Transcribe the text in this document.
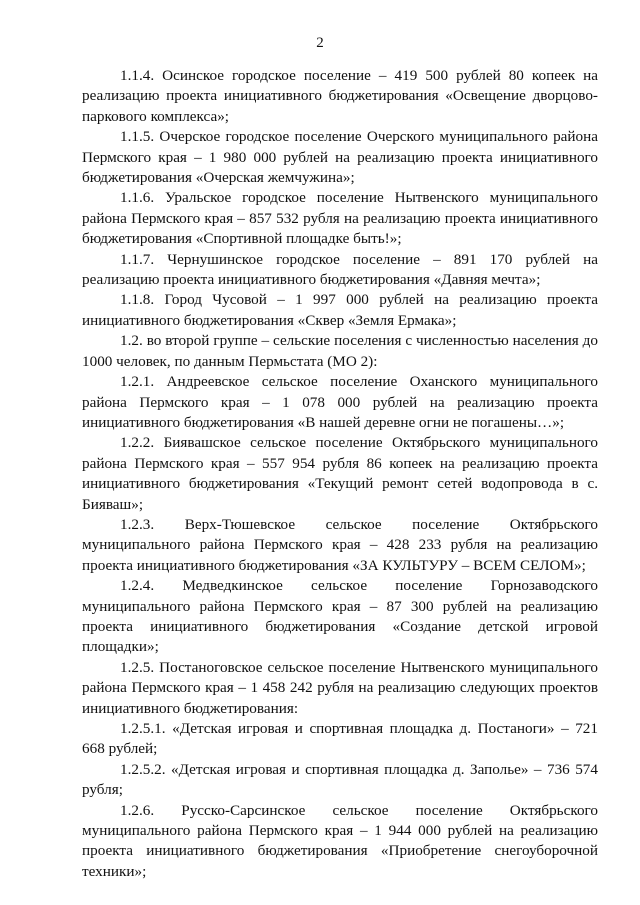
2

1.1.4. Осинское городское поселение – 419 500 рублей 80 копеек на реализацию проекта инициативного бюджетирования «Освещение дворцово-паркового комплекса»;

1.1.5. Очерское городское поселение Очерского муниципального района Пермского края – 1 980 000 рублей на реализацию проекта инициативного бюджетирования «Очерская жемчужина»;

1.1.6. Уральское городское поселение Нытвенского муниципального района Пермского края – 857 532 рубля на реализацию проекта инициативного бюджетирования «Спортивной площадке быть!»;

1.1.7. Чернушинское городское поселение – 891 170 рублей на реализацию проекта инициативного бюджетирования «Давняя мечта»;

1.1.8. Город Чусовой – 1 997 000 рублей на реализацию проекта инициативного бюджетирования «Сквер «Земля Ермака»;

1.2. во второй группе – сельские поселения с численностью населения до 1000 человек, по данным Пермьстата (МО 2):

1.2.1. Андреевское сельское поселение Оханского муниципального района Пермского края – 1 078 000 рублей на реализацию проекта инициативного бюджетирования «В нашей деревне огни не погашены…»;

1.2.2. Биявашское сельское поселение Октябрьского муниципального района Пермского края – 557 954 рубля 86 копеек на реализацию проекта инициативного бюджетирования «Текущий ремонт сетей водопровода в с. Бияваш»;

1.2.3. Верх-Тюшевское сельское поселение Октябрьского муниципального района Пермского края – 428 233 рубля на реализацию проекта инициативного бюджетирования «ЗА КУЛЬТУРУ – ВСЕМ СЕЛОМ»;

1.2.4. Медведкинское сельское поселение Горнозаводского муниципального района Пермского края – 87 300 рублей на реализацию проекта инициативного бюджетирования «Создание детской игровой площадки»;

1.2.5. Постаноговское сельское поселение Нытвенского муниципального района Пермского края – 1 458 242 рубля на реализацию следующих проектов инициативного бюджетирования:

1.2.5.1. «Детская игровая и спортивная площадка д. Постаноги» – 721 668 рублей;

1.2.5.2. «Детская игровая и спортивная площадка д. Заполье» – 736 574 рубля;

1.2.6. Русско-Сарсинское сельское поселение Октябрьского муниципального района Пермского края – 1 944 000 рублей на реализацию проекта инициативного бюджетирования «Приобретение снегоуборочной техники»;
